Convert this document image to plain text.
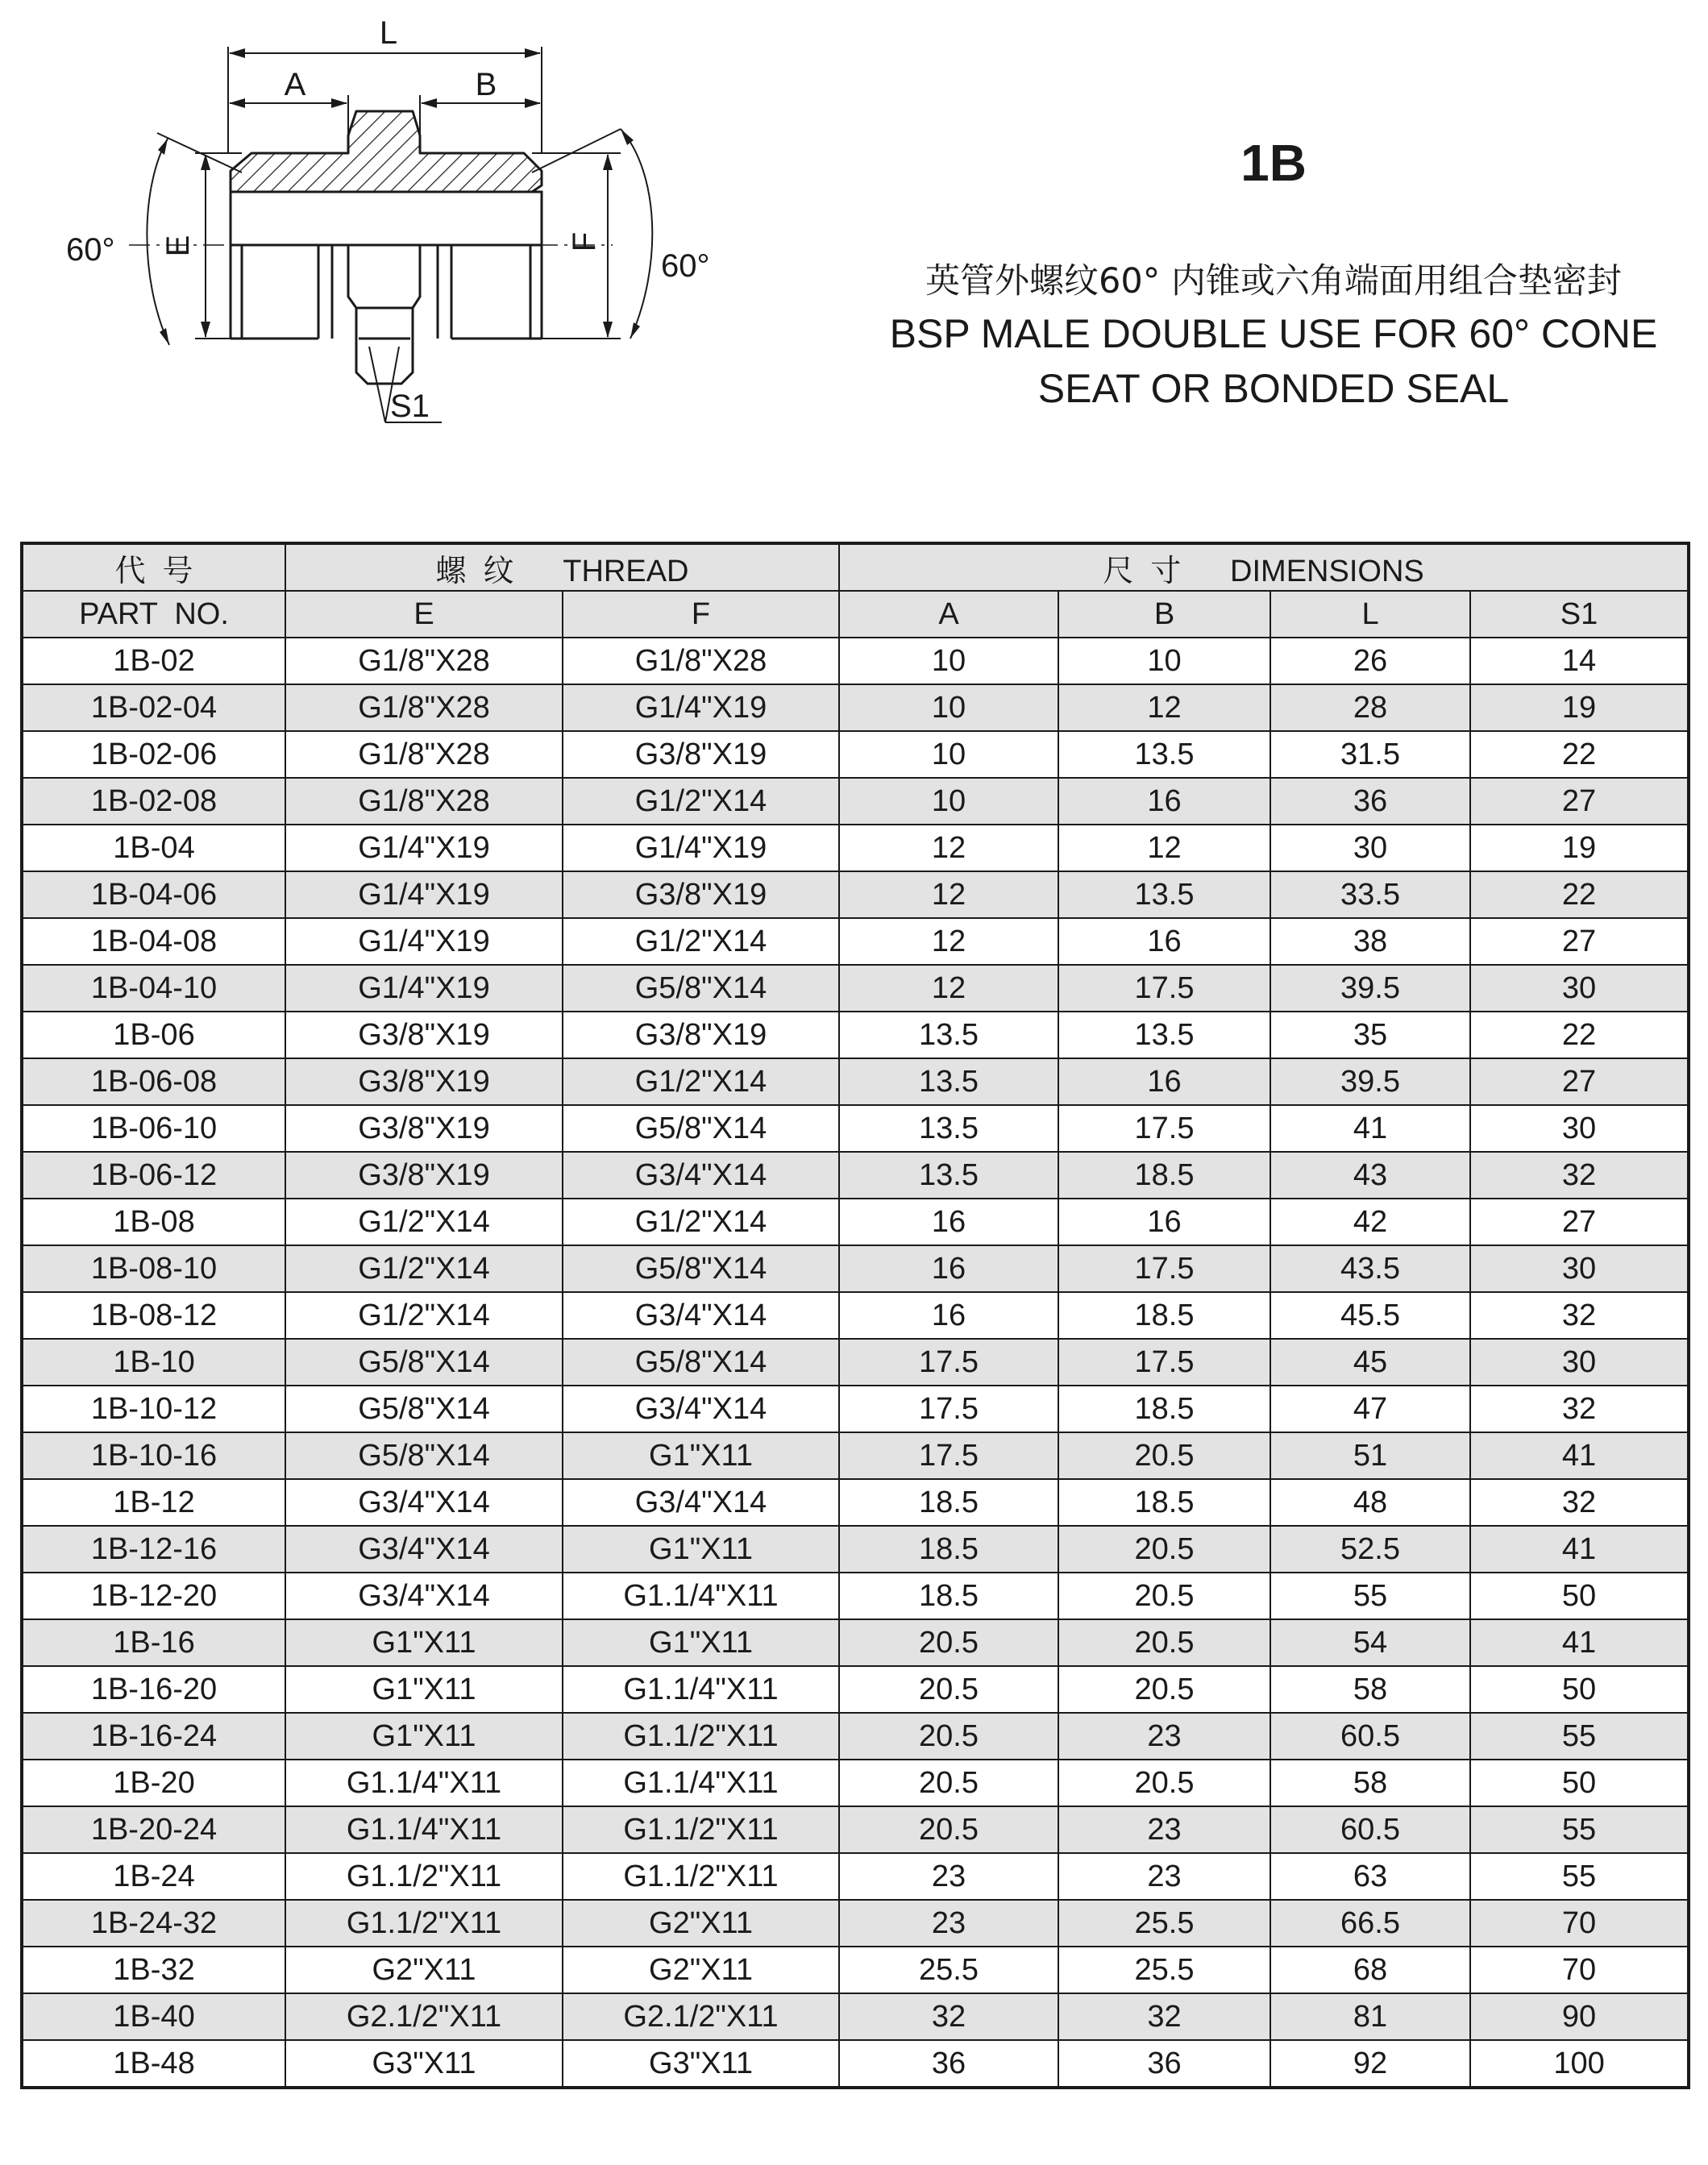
L
A	B
E	F
60°	60°
S1
1B
英管外螺纹60° 内锥或六角端面用组合垫密封
BSP MALE DOUBLE USE FOR 60° CONE
SEAT OR BONDED SEAL
代 号	螺 纹 THREAD		尺 寸 DIMENSIONS			
PART  NO.	E	F	A	B	L	S1
1B-02	G1/8"X28	G1/8"X28	10	10	26	14
1B-02-04	G1/8"X28	G1/4"X19	10	12	28	19
1B-02-06	G1/8"X28	G3/8"X19	10	13.5	31.5	22
1B-02-08	G1/8"X28	G1/2"X14	10	16	36	27
1B-04	G1/4"X19	G1/4"X19	12	12	30	19
1B-04-06	G1/4"X19	G3/8"X19	12	13.5	33.5	22
1B-04-08	G1/4"X19	G1/2"X14	12	16	38	27
1B-04-10	G1/4"X19	G5/8"X14	12	17.5	39.5	30
1B-06	G3/8"X19	G3/8"X19	13.5	13.5	35	22
1B-06-08	G3/8"X19	G1/2"X14	13.5	16	39.5	27
1B-06-10	G3/8"X19	G5/8"X14	13.5	17.5	41	30
1B-06-12	G3/8"X19	G3/4"X14	13.5	18.5	43	32
1B-08	G1/2"X14	G1/2"X14	16	16	42	27
1B-08-10	G1/2"X14	G5/8"X14	16	17.5	43.5	30
1B-08-12	G1/2"X14	G3/4"X14	16	18.5	45.5	32
1B-10	G5/8"X14	G5/8"X14	17.5	17.5	45	30
1B-10-12	G5/8"X14	G3/4"X14	17.5	18.5	47	32
1B-10-16	G5/8"X14	G1"X11	17.5	20.5	51	41
1B-12	G3/4"X14	G3/4"X14	18.5	18.5	48	32
1B-12-16	G3/4"X14	G1"X11	18.5	20.5	52.5	41
1B-12-20	G3/4"X14	G1.1/4"X11	18.5	20.5	55	50
1B-16	G1"X11	G1"X11	20.5	20.5	54	41
1B-16-20	G1"X11	G1.1/4"X11	20.5	20.5	58	50
1B-16-24	G1"X11	G1.1/2"X11	20.5	23	60.5	55
1B-20	G1.1/4"X11	G1.1/4"X11	20.5	20.5	58	50
1B-20-24	G1.1/4"X11	G1.1/2"X11	20.5	23	60.5	55
1B-24	G1.1/2"X11	G1.1/2"X11	23	23	63	55
1B-24-32	G1.1/2"X11	G2"X11	23	25.5	66.5	70
1B-32	G2"X11	G2"X11	25.5	25.5	68	70
1B-40	G2.1/2"X11	G2.1/2"X11	32	32	81	90
1B-48	G3"X11	G3"X11	36	36	92	100
